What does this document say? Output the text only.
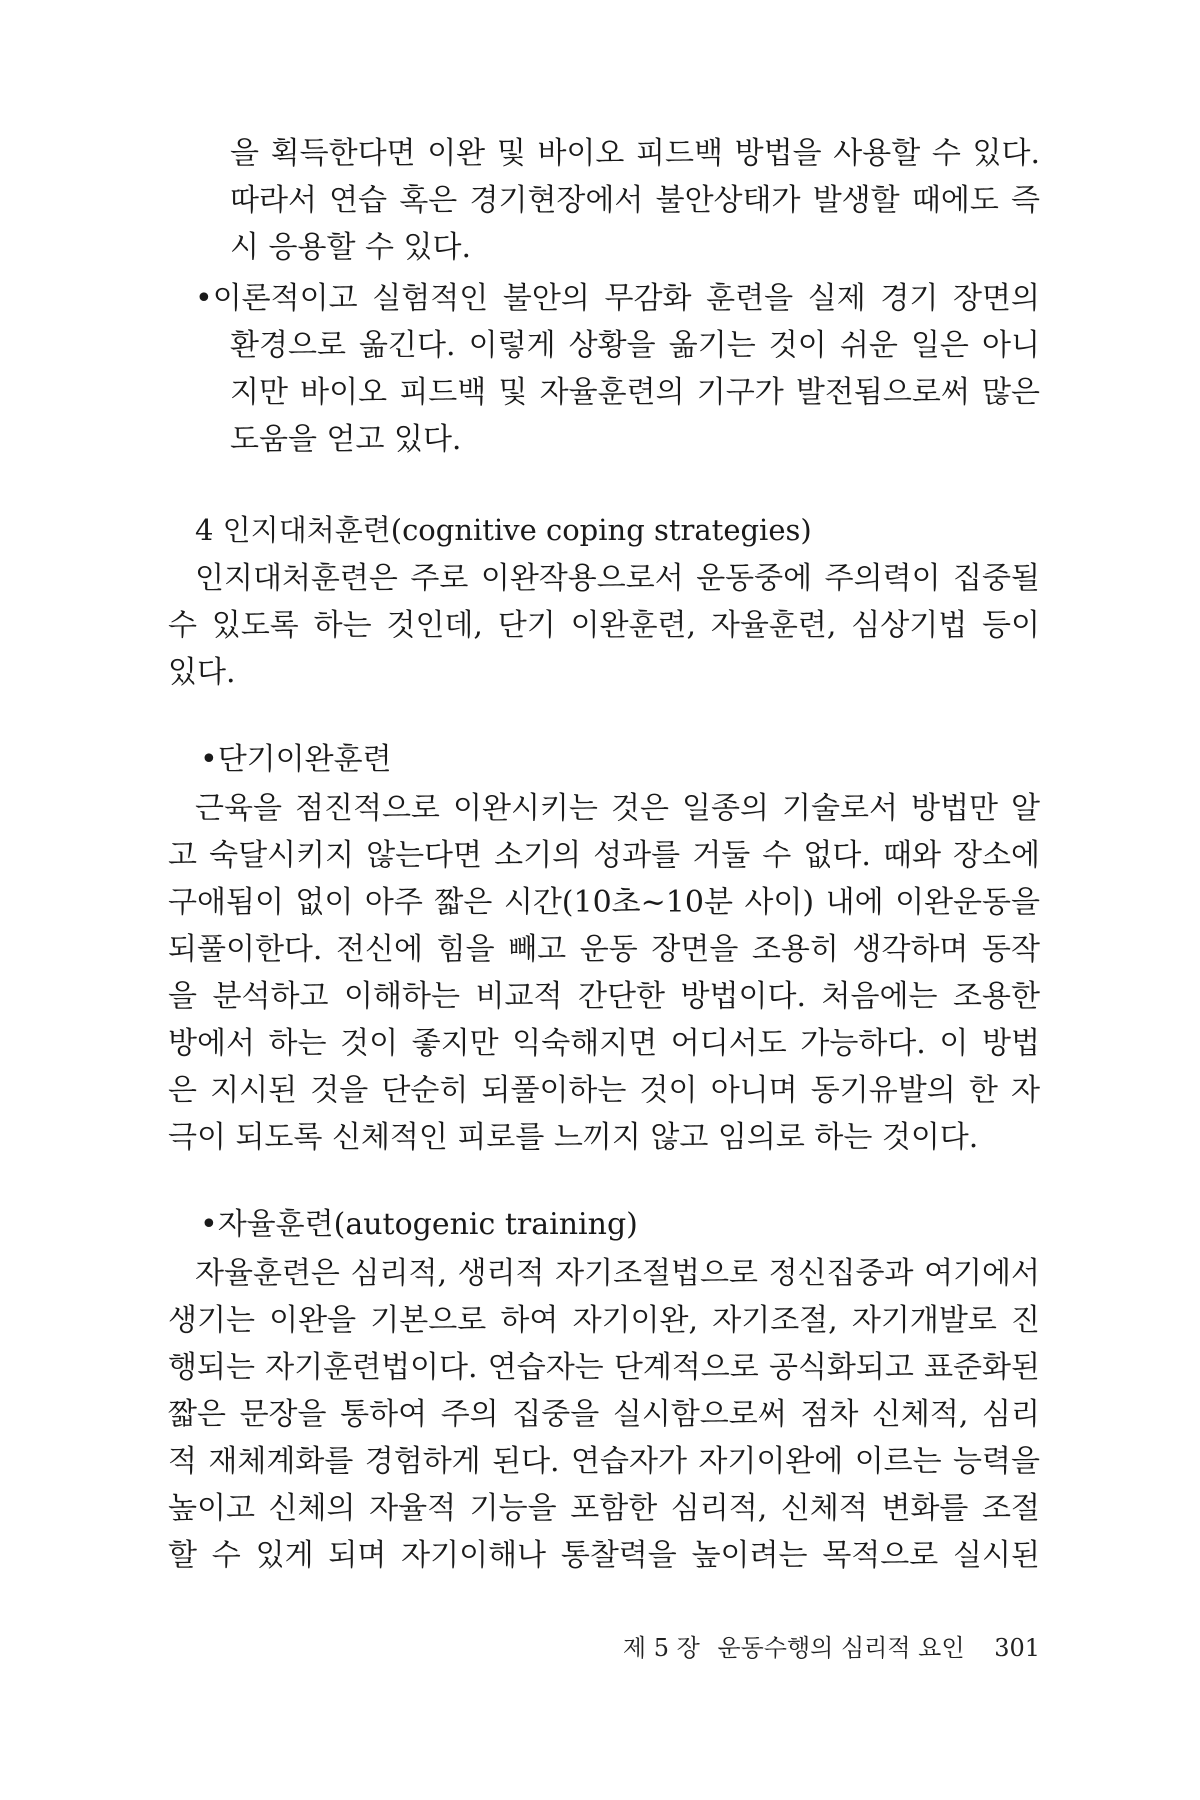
을 획득한다면 이완 및 바이오 피드백 방법을 사용할 수 있다.
따라서 연습 혹은 경기현장에서 불안상태가 발생할 때에도 즉
시 응용할 수 있다.
•이론적이고 실험적인 불안의 무감화 훈련을 실제 경기 장면의
환경으로 옮긴다. 이렇게 상황을 옮기는 것이 쉬운 일은 아니
지만 바이오 피드백 및 자율훈련의 기구가 발전됨으로써 많은
도움을 얻고 있다.
4 인지대처훈련(cognitive coping strategies)
인지대처훈련은 주로 이완작용으로서 운동중에 주의력이 집중될
수 있도록 하는 것인데, 단기 이완훈련, 자율훈련, 심상기법 등이
있다.
•단기이완훈련
근육을 점진적으로 이완시키는 것은 일종의 기술로서 방법만 알
고 숙달시키지 않는다면 소기의 성과를 거둘 수 없다. 때와 장소에
구애됨이 없이 아주 짧은 시간(10초~10분 사이) 내에 이완운동을
되풀이한다. 전신에 힘을 빼고 운동 장면을 조용히 생각하며 동작
을 분석하고 이해하는 비교적 간단한 방법이다. 처음에는 조용한
방에서 하는 것이 좋지만 익숙해지면 어디서도 가능하다. 이 방법
은 지시된 것을 단순히 되풀이하는 것이 아니며 동기유발의 한 자
극이 되도록 신체적인 피로를 느끼지 않고 임의로 하는 것이다.
•자율훈련(autogenic training)
자율훈련은 심리적, 생리적 자기조절법으로 정신집중과 여기에서
생기는 이완을 기본으로 하여 자기이완, 자기조절, 자기개발로 진
행되는 자기훈련법이다. 연습자는 단계적으로 공식화되고 표준화된
짧은 문장을 통하여 주의 집중을 실시함으로써 점차 신체적, 심리
적 재체계화를 경험하게 된다. 연습자가 자기이완에 이르는 능력을
높이고 신체의 자율적 기능을 포함한 심리적, 신체적 변화를 조절
할 수 있게 되며 자기이해나 통찰력을 높이려는 목적으로 실시된
제 5 장 운동수행의 심리적 요인 301
